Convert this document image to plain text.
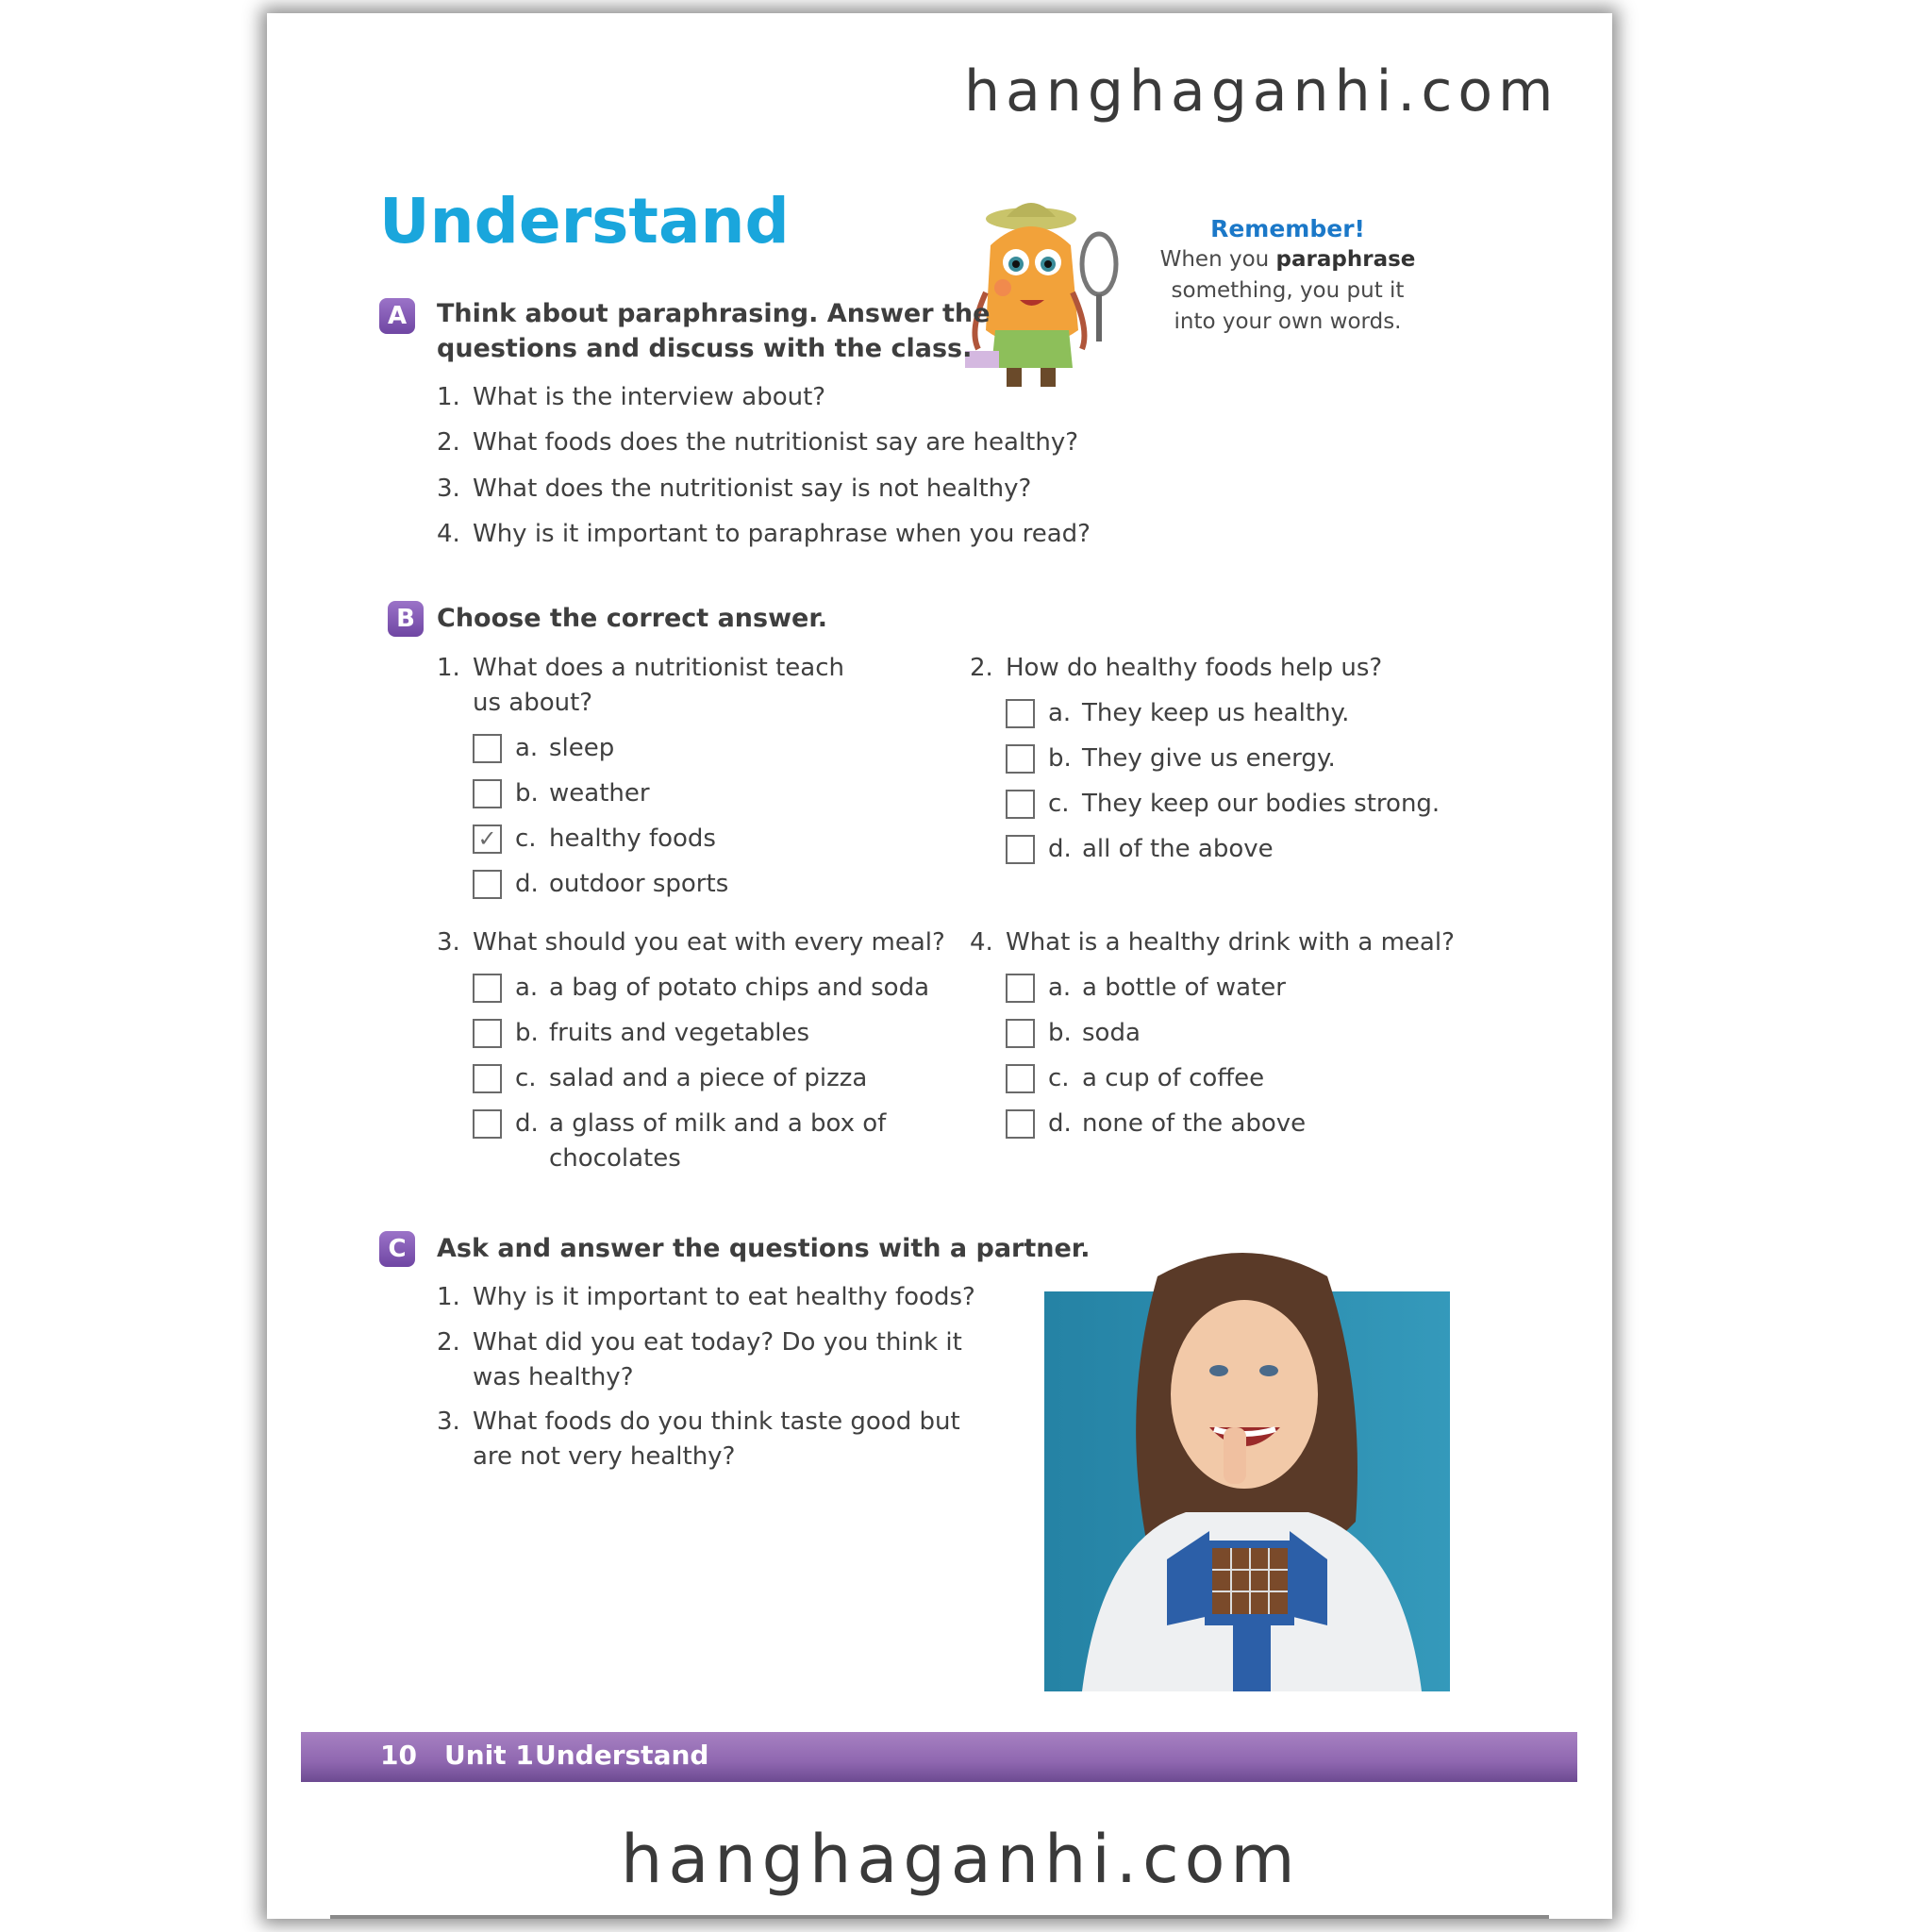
hanghaganhi.com
Understand	Remember!
When you paraphrase
something, you put it
into your own words.
A	Think about paraphrasing. Answer the
questions and discuss with the class.
1. What is the interview about?
2. What foods does the nutritionist say are healthy?
3. What does the nutritionist say is not healthy?
4. Why is it important to paraphrase when you read?
B Choose the correct answer.
1. What does a nutritionist teach
us about?
a. sleep
b. weather
✓ c. healthy foods
d. outdoor sports
2. How do healthy foods help us?
a. They keep us healthy.
b. They give us energy.
c. They keep our bodies strong.
d. all of the above
3. What should you eat with every meal?
a. a bag of potato chips and soda
b. fruits and vegetables
c. salad and a piece of pizza
d. a glass of milk and a box of
chocolates
4. What is a healthy drink with a meal?
a. a bottle of water
b. soda
c. a cup of coffee
d. none of the above
C	Ask and answer the questions with a partner.
1. Why is it important to eat healthy foods?
2. What did you eat today? Do you think it
was healthy?
3. What foods do you think taste good but
are not very healthy?
10 Unit 1 Understand
hanghaganhi.com
